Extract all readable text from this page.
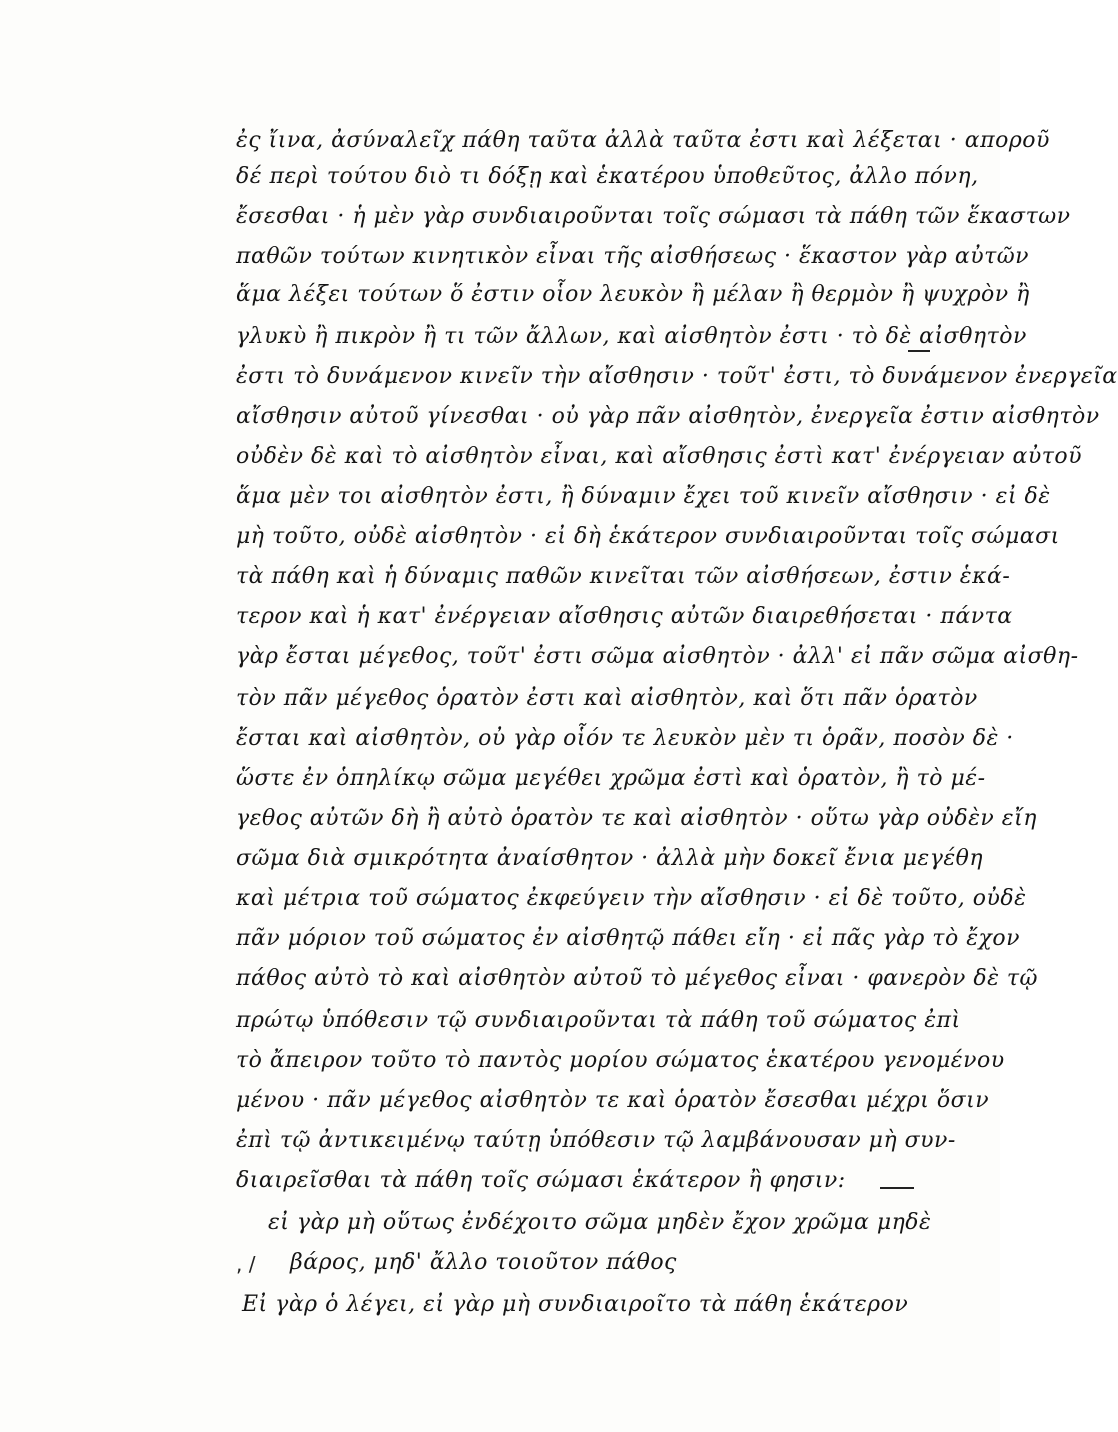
ἐς ἴινα, ἀσύναλεῖχ πάθη ταῦτα ἀλλὰ ταῦτα ἐστι καὶ λέξεται · αποροῦ
δέ περὶ τούτου διὸ τι δόξῃ καὶ ἑκατέρου ὑποθεῦτος, ἀλλο πόνη,
ἔσεσθαι · ἡ μὲν γὰρ συνδιαιροῦνται τοῖς σώμασι τὰ πάθη τῶν ἕκαστων
παθῶν τούτων κινητικὸν εἶναι τῆς αἰσθήσεως · ἕκαστον γὰρ αὐτῶν
ἅμα λέξει τούτων ὅ ἐστιν οἷον λευκὸν ἢ μέλαν ἢ θερμὸν ἢ ψυχρὸν ἢ
γλυκὺ ἢ πικρὸν ἢ τι τῶν ἄλλων, καὶ αἰσθητὸν ἐστι · τὸ δὲ αἰσθητὸν
ἐστι τὸ δυνάμενον κινεῖν τὴν αἴσθησιν · τοῦτ' ἐστι, τὸ δυνάμενον ἐνεργεῖα
αἴσθησιν αὐτοῦ γίνεσθαι · οὐ γὰρ πᾶν αἰσθητὸν, ἐνεργεῖα ἐστιν αἰσθητὸν
οὐδὲν δὲ καὶ τὸ αἰσθητὸν εἶναι, καὶ αἴσθησις ἐστὶ κατ' ἐνέργειαν αὐτοῦ
ἅμα μὲν τοι αἰσθητὸν ἐστι, ἢ δύναμιν ἔχει τοῦ κινεῖν αἴσθησιν · εἰ δὲ
μὴ τοῦτο, οὐδὲ αἰσθητὸν · εἰ δὴ ἑκάτερον συνδιαιροῦνται τοῖς σώμασι
τὰ πάθη καὶ ἡ δύναμις παθῶν κινεῖται τῶν αἰσθήσεων, ἐστιν ἑκά-
τερον καὶ ἡ κατ' ἐνέργειαν αἴσθησις αὐτῶν διαιρεθήσεται · πάντα
γὰρ ἔσται μέγεθος, τοῦτ' ἐστι σῶμα αἰσθητὸν · ἀλλ' εἰ πᾶν σῶμα αἰσθη-
τὸν πᾶν μέγεθος ὁρατὸν ἐστι καὶ αἰσθητὸν, καὶ ὅτι πᾶν ὁρατὸν
ἔσται καὶ αἰσθητὸν, οὐ γὰρ οἷόν τε λευκὸν μὲν τι ὁρᾶν, ποσὸν δὲ ·
ὥστε ἐν ὁπηλίκῳ σῶμα μεγέθει χρῶμα ἐστὶ καὶ ὁρατὸν, ἢ τὸ μέ-
γεθος αὐτῶν δὴ ἢ αὐτὸ ὁρατὸν τε καὶ αἰσθητὸν · οὕτω γὰρ οὐδὲν εἴη
σῶμα διὰ σμικρότητα ἀναίσθητον · ἀλλὰ μὴν δοκεῖ ἔνια μεγέθη
καὶ μέτρια τοῦ σώματος ἐκφεύγειν τὴν αἴσθησιν · εἰ δὲ τοῦτο, οὐδὲ
πᾶν μόριον τοῦ σώματος ἐν αἰσθητῷ πάθει εἴη · εἰ πᾶς γὰρ τὸ ἔχον
πάθος αὐτὸ τὸ καὶ αἰσθητὸν αὐτοῦ τὸ μέγεθος εἶναι · φανερὸν δὲ τῷ
πρώτῳ ὑπόθεσιν τῷ συνδιαιροῦνται τὰ πάθη τοῦ σώματος ἐπὶ
τὸ ἄπειρον τοῦτο τὸ παντὸς μορίου σώματος ἑκατέρου γενομένου
μένου · πᾶν μέγεθος αἰσθητὸν τε καὶ ὁρατὸν ἔσεσθαι μέχρι ὅσιν
ἐπὶ τῷ ἀντικειμένῳ ταύτῃ ὑπόθεσιν τῷ λαμβάνουσαν μὴ συν-
διαιρεῖσθαι τὰ πάθη τοῖς σώμασι ἑκάτερον ἢ φησιν:
εἰ γὰρ μὴ οὕτως ἐνδέχοιτο σῶμα μηδὲν ἔχον χρῶμα μηδὲ
βάρος, μηδ' ἄλλο τοιοῦτον πάθος
Εἰ γὰρ ὁ λέγει, εἰ γὰρ μὴ συνδιαιροῖτο τὰ πάθη ἑκάτερον
, /
